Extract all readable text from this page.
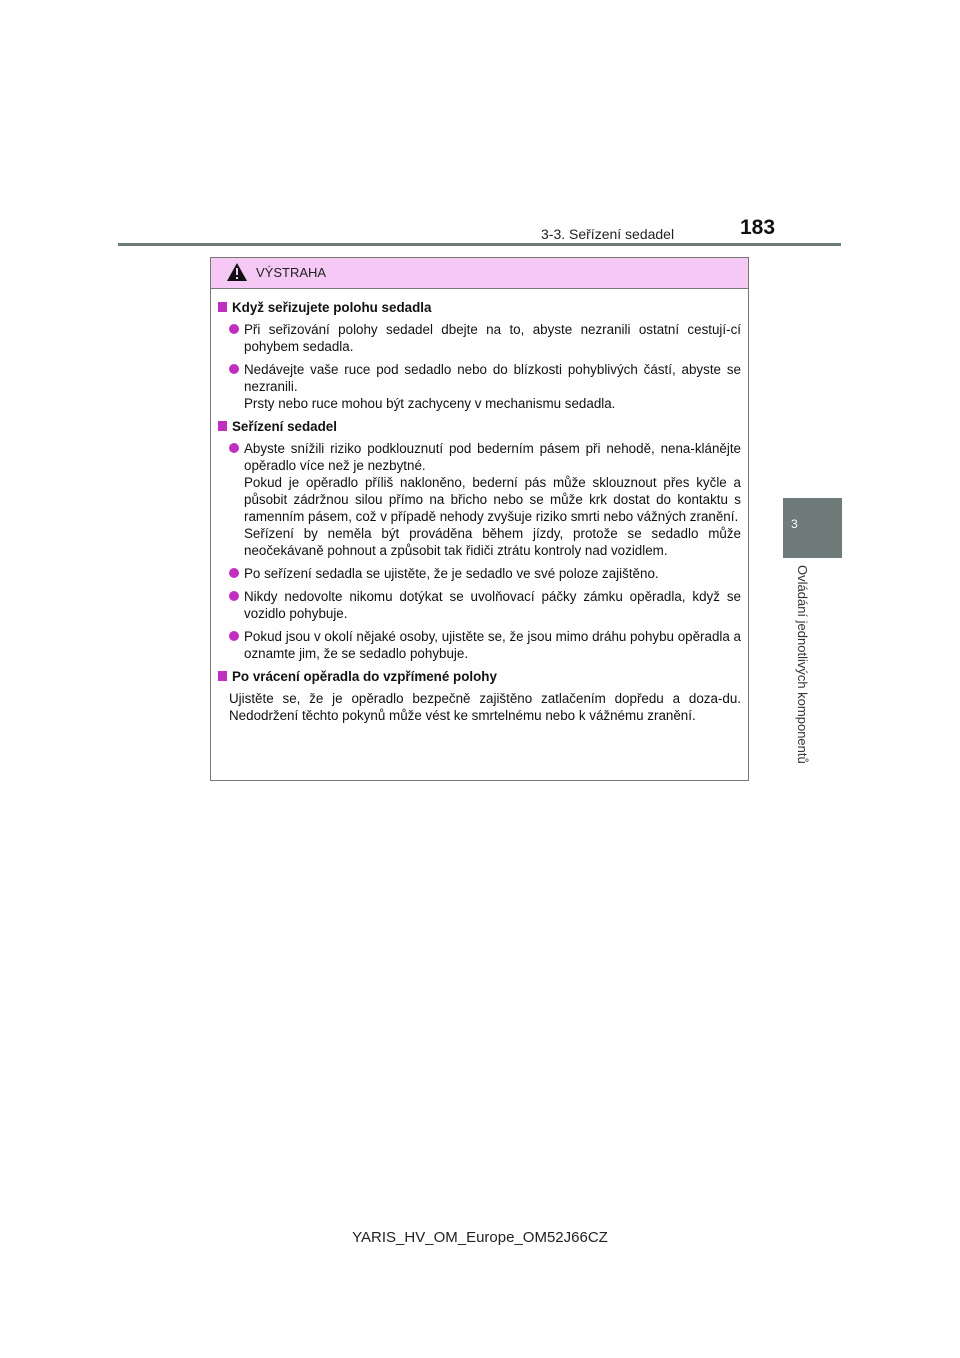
3-3. Seřízení sedadel	183
3
Ovládání jednotlivých komponentů
VÝSTRAHA
Když seřizujete polohu sedadla

Při seřizování polohy sedadel dbejte na to, abyste nezranili ostatní cestují-cí pohybem sedadla.

Nedávejte vaše ruce pod sedadlo nebo do blízkosti pohyblivých částí, abyste se nezranili.

Prsty nebo ruce mohou být zachyceny v mechanismu sedadla.

Seřízení sedadel

Abyste snížili riziko podklouznutí pod bederním pásem při nehodě, nena-klánějte opěradlo více než je nezbytné.

Pokud je opěradlo příliš nakloněno, bederní pás může sklouznout přes kyčle a působit zádržnou silou přímo na břicho nebo se může krk dostat do kontaktu s ramenním pásem, což v případě nehody zvyšuje riziko smrti nebo vážných zranění.

Seřízení by neměla být prováděna během jízdy, protože se sedadlo může neočekávaně pohnout a způsobit tak řidiči ztrátu kontroly nad vozidlem.

Po seřízení sedadla se ujistěte, že je sedadlo ve své poloze zajištěno.

Nikdy nedovolte nikomu dotýkat se uvolňovací páčky zámku opěradla, když se vozidlo pohybuje.

Pokud jsou v okolí nějaké osoby, ujistěte se, že jsou mimo dráhu pohybu opěradla a oznamte jim, že se sedadlo pohybuje.

Po vrácení opěradla do vzpřímené polohy

Ujistěte se, že je opěradlo bezpečně zajištěno zatlačením dopředu a doza-du. Nedodržení těchto pokynů může vést ke smrtelnému nebo k vážnému zranění.

YARIS_HV_OM_Europe_OM52J66CZ
